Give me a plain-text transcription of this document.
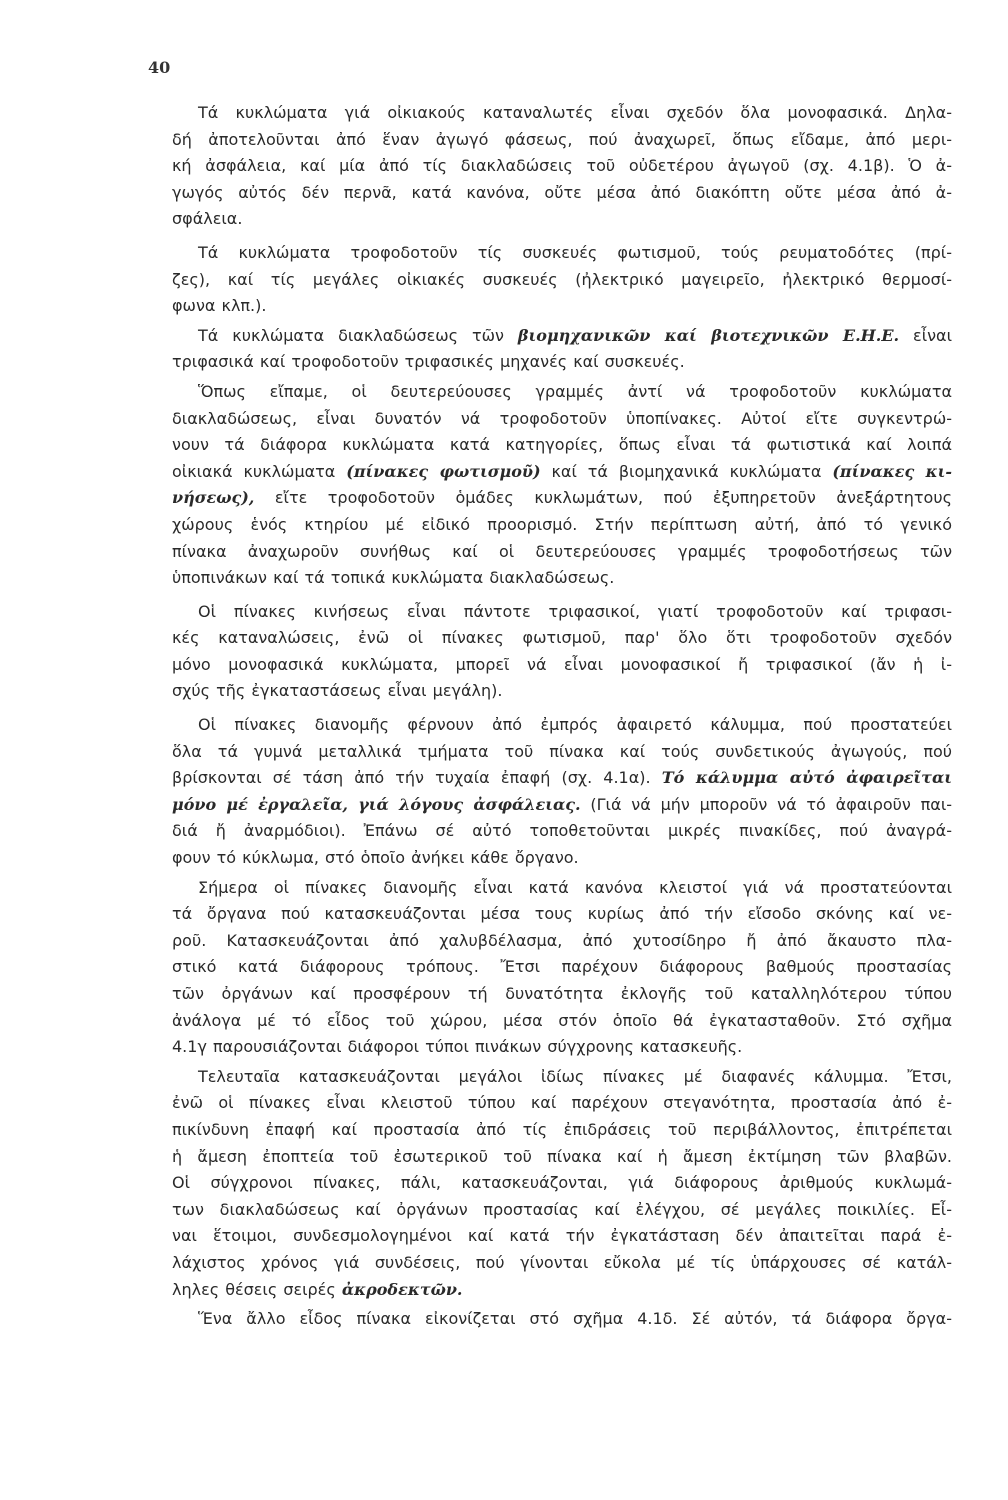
40
Τά κυκλώματα γιά οἰκιακούς καταναλωτές εἶναι σχεδόν ὅλα μονοφασικά. Δηλα-
δή ἀποτελοῦνται ἀπό ἕναν ἀγωγό φάσεως, πού ἀναχωρεῖ, ὅπως εἴδαμε, ἀπό μερι-
κή ἀσφάλεια, καί μία ἀπό τίς διακλαδώσεις τοῦ οὐδετέρου ἀγωγοῦ (σχ. 4.1β). Ὁ ἀ-
γωγός αὐτός δέν περνᾶ, κατά κανόνα, οὔτε μέσα ἀπό διακόπτη οὔτε μέσα ἀπό ἀ-
σφάλεια.
Τά κυκλώματα τροφοδοτοῦν τίς συσκευές φωτισμοῦ, τούς ρευματοδότες (πρί-
ζες), καί τίς μεγάλες οἰκιακές συσκευές (ἠλεκτρικό μαγειρεῖο, ἠλεκτρικό θερμοσί-
φωνα κλπ.).
Τά κυκλώματα διακλαδώσεως τῶν βιομηχανικῶν καί βιοτεχνικῶν Ε.Η.Ε. εἶναι
τριφασικά καί τροφοδοτοῦν τριφασικές μηχανές καί συσκευές.
Ὅπως εἴπαμε, οἱ δευτερεύουσες γραμμές ἀντί νά τροφοδοτοῦν κυκλώματα
διακλαδώσεως, εἶναι δυνατόν νά τροφοδοτοῦν ὑποπίνακες. Αὐτοί εἴτε συγκεντρώ-
νουν τά διάφορα κυκλώματα κατά κατηγορίες, ὅπως εἶναι τά φωτιστικά καί λοιπά
οἰκιακά κυκλώματα (πίνακες φωτισμοῦ) καί τά βιομηχανικά κυκλώματα (πίνακες κι-
νήσεως), εἴτε τροφοδοτοῦν ὁμάδες κυκλωμάτων, πού ἐξυπηρετοῦν ἀνεξάρτητους
χώρους ἑνός κτηρίου μέ εἰδικό προορισμό. Στήν περίπτωση αὐτή, ἀπό τό γενικό
πίνακα ἀναχωροῦν συνήθως καί οἱ δευτερεύουσες γραμμές τροφοδοτήσεως τῶν
ὑποπινάκων καί τά τοπικά κυκλώματα διακλαδώσεως.
Οἱ πίνακες κινήσεως εἶναι πάντοτε τριφασικοί, γιατί τροφοδοτοῦν καί τριφασι-
κές καταναλώσεις, ἐνῶ οἱ πίνακες φωτισμοῦ, παρ' ὅλο ὅτι τροφοδοτοῦν σχεδόν
μόνο μονοφασικά κυκλώματα, μπορεῖ νά εἶναι μονοφασικοί ἤ τριφασικοί (ἄν ἡ ἰ-
σχύς τῆς ἐγκαταστάσεως εἶναι μεγάλη).
Οἱ πίνακες διανομῆς φέρνουν ἀπό ἐμπρός ἀφαιρετό κάλυμμα, πού προστατεύει
ὅλα τά γυμνά μεταλλικά τμήματα τοῦ πίνακα καί τούς συνδετικούς ἀγωγούς, πού
βρίσκονται σέ τάση ἀπό τήν τυχαία ἐπαφή (σχ. 4.1α). Τό κάλυμμα αὐτό ἀφαιρεῖται
μόνο μέ ἐργαλεῖα, γιά λόγους ἀσφάλειας. (Γιά νά μήν μποροῦν νά τό ἀφαιροῦν παι-
διά ἤ ἀναρμόδιοι). Ἐπάνω σέ αὐτό τοποθετοῦνται μικρές πινακίδες, πού ἀναγρά-
φουν τό κύκλωμα, στό ὁποῖο ἀνήκει κάθε ὄργανο.
Σήμερα οἱ πίνακες διανομῆς εἶναι κατά κανόνα κλειστοί γιά νά προστατεύονται
τά ὄργανα πού κατασκευάζονται μέσα τους κυρίως ἀπό τήν εἴσοδο σκόνης καί νε-
ροῦ. Κατασκευάζονται ἀπό χαλυβδέλασμα, ἀπό χυτοσίδηρο ἤ ἀπό ἄκαυστο πλα-
στικό κατά διάφορους τρόπους. Ἔτσι παρέχουν διάφορους βαθμούς προστασίας
τῶν ὀργάνων καί προσφέρουν τή δυνατότητα ἐκλογῆς τοῦ καταλληλότερου τύπου
ἀνάλογα μέ τό εἶδος τοῦ χώρου, μέσα στόν ὁποῖο θά ἐγκατασταθοῦν. Στό σχῆμα
4.1γ παρουσιάζονται διάφοροι τύποι πινάκων σύγχρονης κατασκευῆς.
Τελευταῖα κατασκευάζονται μεγάλοι ἰδίως πίνακες μέ διαφανές κάλυμμα. Ἔτσι,
ἐνῶ οἱ πίνακες εἶναι κλειστοῦ τύπου καί παρέχουν στεγανότητα, προστασία ἀπό ἐ-
πικίνδυνη ἐπαφή καί προστασία ἀπό τίς ἐπιδράσεις τοῦ περιβάλλοντος, ἐπιτρέπεται
ἡ ἄμεση ἐποπτεία τοῦ ἐσωτερικοῦ τοῦ πίνακα καί ἡ ἄμεση ἐκτίμηση τῶν βλαβῶν.
Οἱ σύγχρονοι πίνακες, πάλι, κατασκευάζονται, γιά διάφορους ἀριθμούς κυκλωμά-
των διακλαδώσεως καί ὀργάνων προστασίας καί ἐλέγχου, σέ μεγάλες ποικιλίες. Εἶ-
ναι ἕτοιμοι, συνδεσμολογημένοι καί κατά τήν ἐγκατάσταση δέν ἀπαιτεῖται παρά ἐ-
λάχιστος χρόνος γιά συνδέσεις, πού γίνονται εὔκολα μέ τίς ὑπάρχουσες σέ κατάλ-
ληλες θέσεις σειρές ἀκροδεκτῶν.
Ἕνα ἄλλο εἶδος πίνακα εἰκονίζεται στό σχῆμα 4.1δ. Σέ αὐτόν, τά διάφορα ὄργα-
